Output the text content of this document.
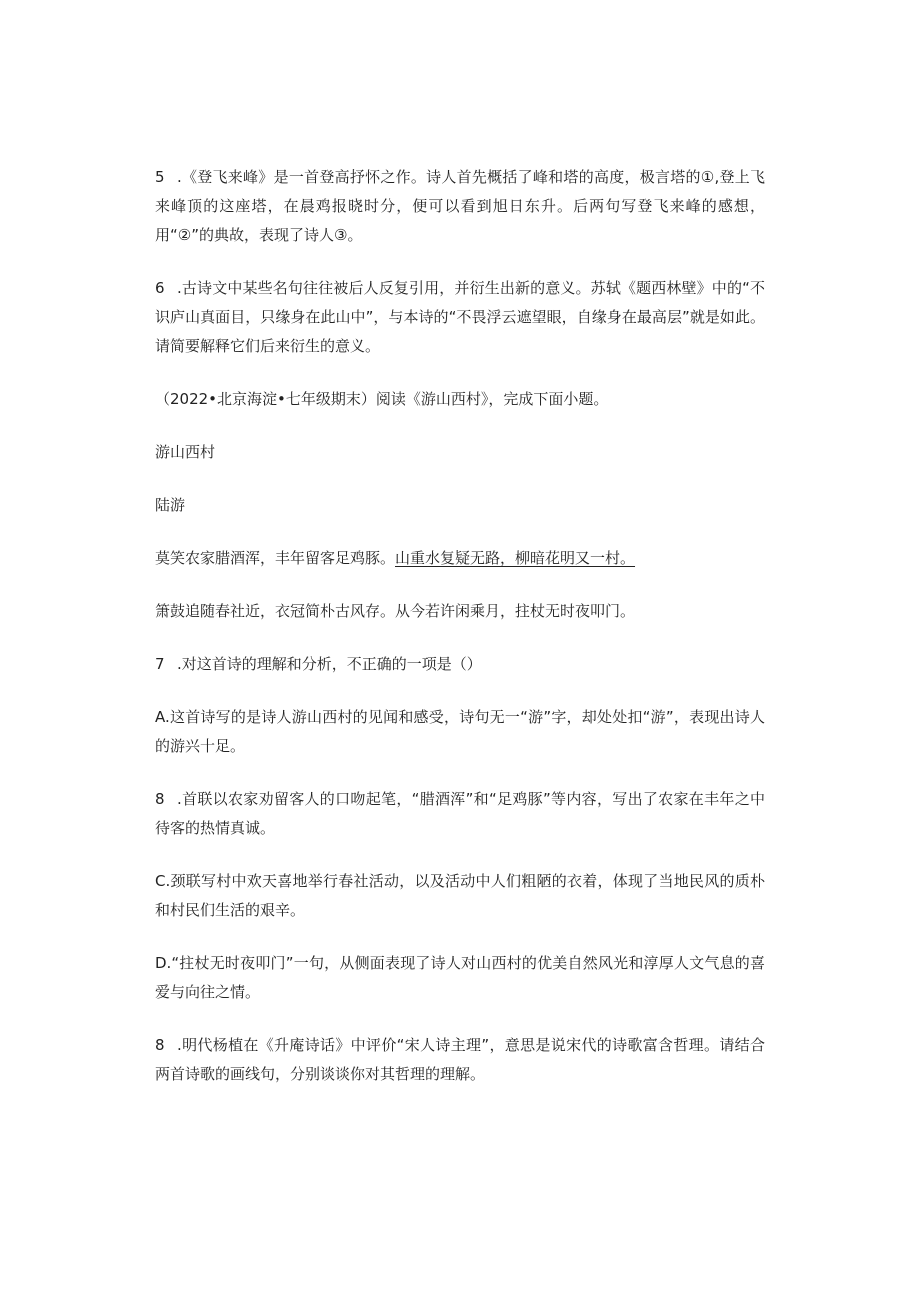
5 .《登飞来峰》是一首登高抒怀之作。诗人首先概括了峰和塔的高度，极言塔的①,登上飞来峰顶的这座塔，在晨鸡报晓时分，便可以看到旭日东升。后两句写登飞来峰的感想，用“②”的典故，表现了诗人③。

6 .古诗文中某些名句往往被后人反复引用，并衍生出新的意义。苏轼《题西林壁》中的“不识庐山真面目，只缘身在此山中”，与本诗的“不畏浮云遮望眼，自缘身在最高层”就是如此。请简要解释它们后来衍生的意义。

（2022•北京海淀•七年级期末）阅读《游山西村》，完成下面小题。

游山西村

陆游

莫笑农家腊酒浑，丰年留客足鸡豚。山重水复疑无路，柳暗花明又一村。

箫鼓追随春社近，衣冠简朴古风存。从今若许闲乘月，拄杖无时夜叩门。

7 .对这首诗的理解和分析，不正确的一项是（）

A.这首诗写的是诗人游山西村的见闻和感受，诗句无一“游”字，却处处扣“游”，表现出诗人的游兴十足。

8 .首联以农家劝留客人的口吻起笔，“腊酒浑”和“足鸡豚”等内容，写出了农家在丰年之中待客的热情真诚。

C.颈联写村中欢天喜地举行春社活动，以及活动中人们粗陋的衣着，体现了当地民风的质朴和村民们生活的艰辛。

D.“拄杖无时夜叩门”一句，从侧面表现了诗人对山西村的优美自然风光和淳厚人文气息的喜爱与向往之情。

8 .明代杨植在《升庵诗话》中评价“宋人诗主理”，意思是说宋代的诗歌富含哲理。请结合两首诗歌的画线句，分别谈谈你对其哲理的理解。
